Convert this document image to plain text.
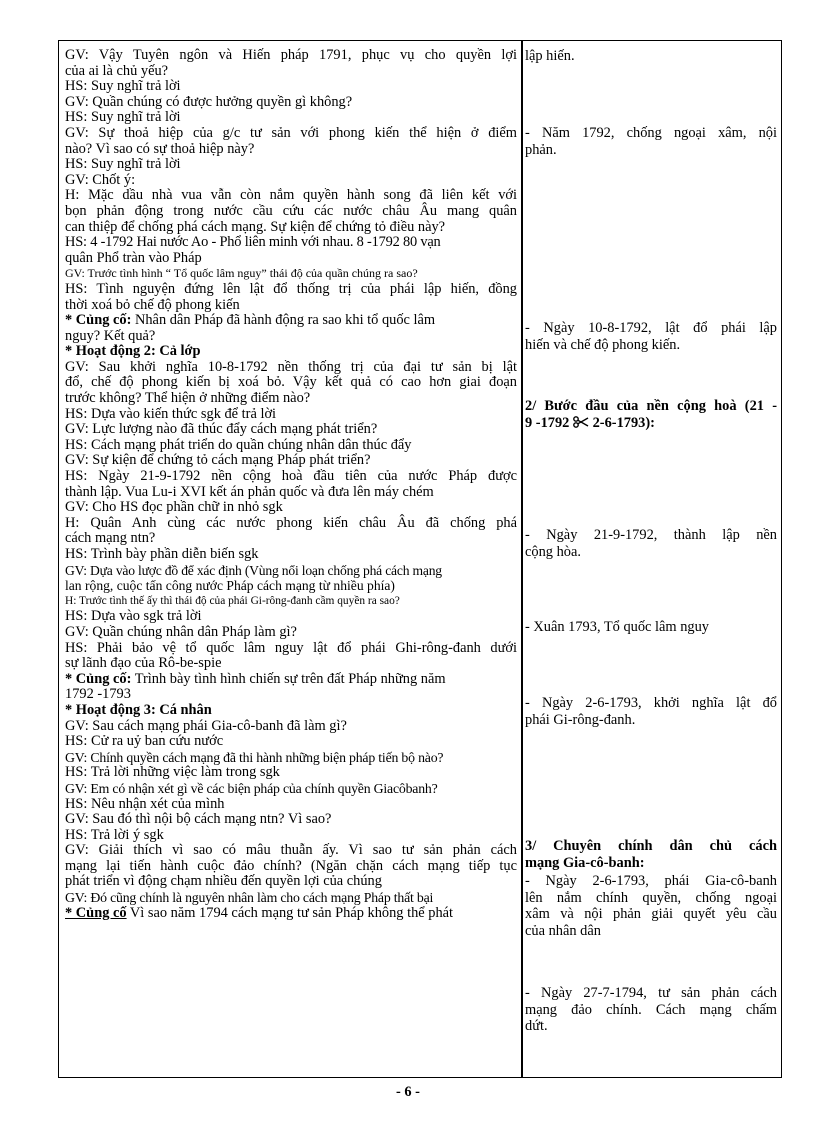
GV: Vậy Tuyên ngôn và Hiến pháp 1791, phục vụ cho quyền lợi
của ai là chủ yếu?
HS: Suy nghĩ trả lời
GV: Quần chúng có được hưởng quyền gì không?
HS: Suy nghĩ trả lời
GV: Sự thoả hiệp của g/c tư sản với phong kiến thể hiện ở điểm
nào? Vì sao có sự thoả hiệp này?
HS: Suy nghĩ trả lời
GV: Chốt ý:
H: Mặc dầu nhà vua vẫn còn nắm quyền hành song đã liên kết với
bọn phản động trong nước cầu cứu các nước châu Âu mang quân
can thiệp để chống phá cách mạng. Sự kiện để chứng tỏ điều này?
HS: 4 -1792 Hai nước Ao - Phổ liên minh với nhau. 8 -1792 80 vạn
quân Phổ tràn vào Pháp
GV: Trước tình hình “ Tổ quốc lâm nguy” thái độ của quần chúng ra sao?
HS: Tình nguyện đứng lên lật đổ thống trị của phái lập hiến, đồng
thời xoá bỏ chế độ phong kiến
* Củng cố: Nhân dân Pháp đã hành động ra sao khi tổ quốc lâm
nguy? Kết quả?
* Hoạt động 2: Cả lớp
GV: Sau khởi nghĩa 10-8-1792 nền thống trị của đại tư sản bị lật
đổ, chế độ phong kiến bị xoá bỏ. Vậy kết quả có cao hơn giai đoạn
trước không? Thể hiện ở những điểm nào?
HS: Dựa vào kiến thức sgk để trả lời
GV: Lực lượng nào đã thúc đẩy cách mạng phát triển?
HS: Cách mạng phát triển do quần chúng nhân dân thúc đẩy
GV: Sự kiện để chứng tỏ cách mạng Pháp phát triển?
HS: Ngày 21-9-1792 nền cộng hoà đầu tiên của nước Pháp được
thành lập. Vua Lu-i XVI kết án phản quốc và đưa lên máy chém
GV: Cho HS đọc phần chữ in nhỏ sgk
H: Quân Anh cùng các nước phong kiến châu Âu đã chống phá
cách mạng ntn?
HS: Trình bày phần diễn biến sgk
GV: Dựa vào lược đồ để xác định (Vùng nổi loạn chống phá cách mạng
lan rộng, cuộc tấn công nước Pháp cách mạng từ nhiều phía)
H: Trước tình thế ấy thì thái độ của phái Gi-rông-đanh cầm quyền ra sao?
HS: Dựa vào sgk trả lời
GV: Quần chúng nhân dân Pháp làm gì?
HS: Phải bảo vệ tổ quốc lâm nguy lật đổ phái Ghi-rông-đanh dưới
sự lãnh đạo của Rô-be-spie
* Củng cố: Trình bày tình hình chiến sự trên đất Pháp những năm
1792 -1793
* Hoạt động 3: Cá nhân
GV: Sau cách mạng phái Gia-cô-banh đã làm gì?
HS: Cử ra uỷ ban cứu nước
GV: Chính quyền cách mạng đã thi hành những biện pháp tiến bộ nào?
HS: Trả lời những việc làm trong sgk
GV: Em có nhận xét gì về các biện pháp của chính quyền Giacôbanh?
HS: Nêu nhận xét của mình
GV: Sau đó thì nội bộ cách mạng ntn? Vì sao?
HS: Trả lời ý sgk
GV: Giải thích vì sao có mâu thuẫn ấy. Vì sao tư sản phản cách
mạng lại tiến hành cuộc đảo chính? (Ngăn chặn cách mạng tiếp tục
phát triển vì động chạm nhiều đến quyền lợi của chúng
GV: Đó cũng chính là nguyên nhân làm cho cách mạng Pháp thất bại
* Củng cố Vì sao năm 1794 cách mạng tư sản Pháp không thể phát
lập hiến.
- Năm 1792, chống ngoại xâm, nội
phản.
- Ngày 10-8-1792, lật đổ phái lập
hiến và chế độ phong kiến.
2/ Bước đầu của nền cộng hoà (21 -
9 -1792 2-6-1793):
- Ngày 21-9-1792, thành lập nền
cộng hòa.
- Xuân 1793, Tổ quốc lâm nguy
- Ngày 2-6-1793, khởi nghĩa lật đổ
phái Gi-rông-đanh.
3/ Chuyên chính dân chủ cách
mạng Gia-cô-banh:
- Ngày 2-6-1793, phái Gia-cô-banh
lên nắm chính quyền, chống ngoại
xâm và nội phản giải quyết yêu cầu
của nhân dân
- Ngày 27-7-1794, tư sản phản cách
mạng đảo chính. Cách mạng chấm
dứt.
- 6 -
